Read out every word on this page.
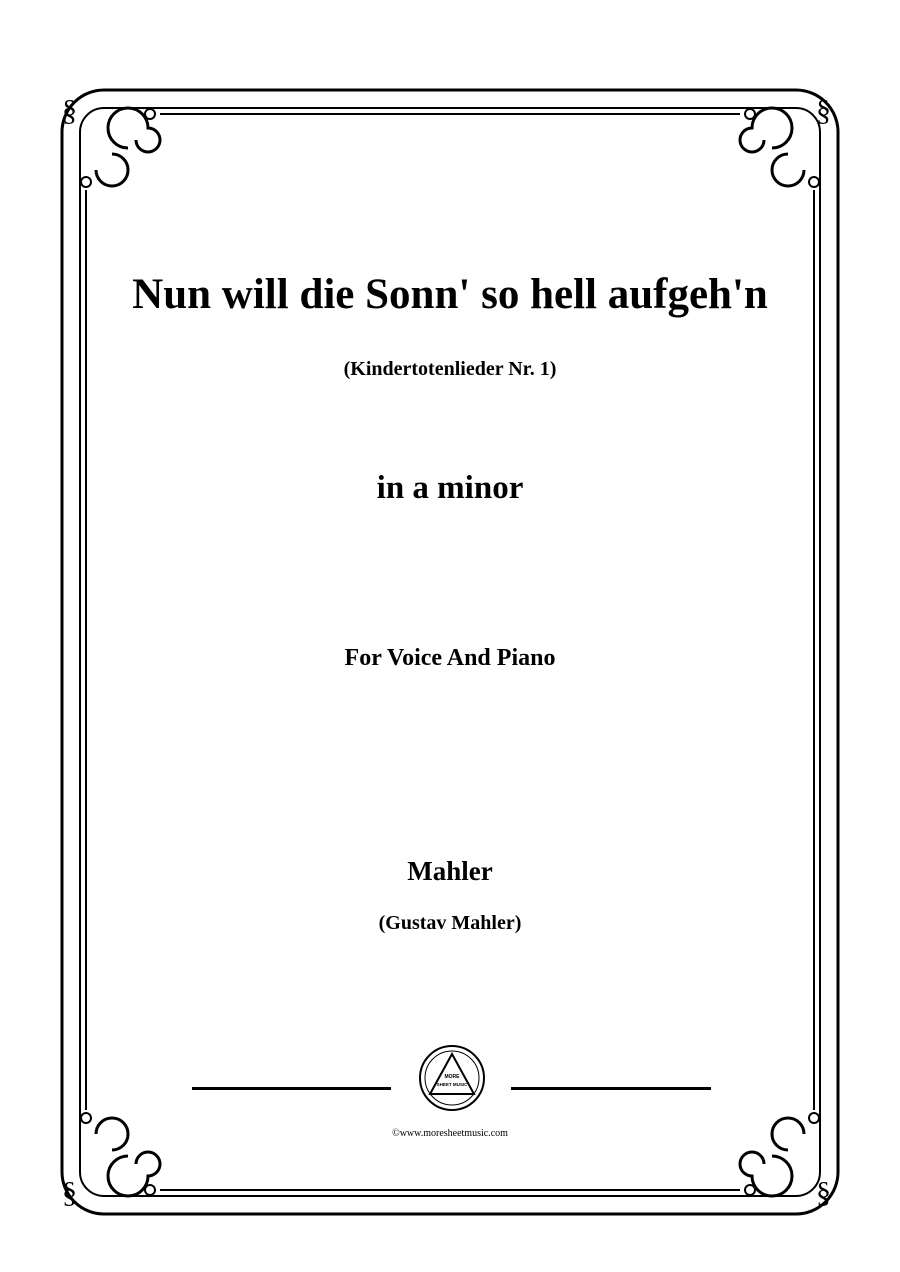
§	§
§	§
Nun will die Sonn' so hell aufgeh'n
(Kindertotenlieder Nr. 1)
in a minor
For Voice And Piano
Mahler
(Gustav Mahler)
MORE
SHEET MUSIC
©www.moresheetmusic.com
